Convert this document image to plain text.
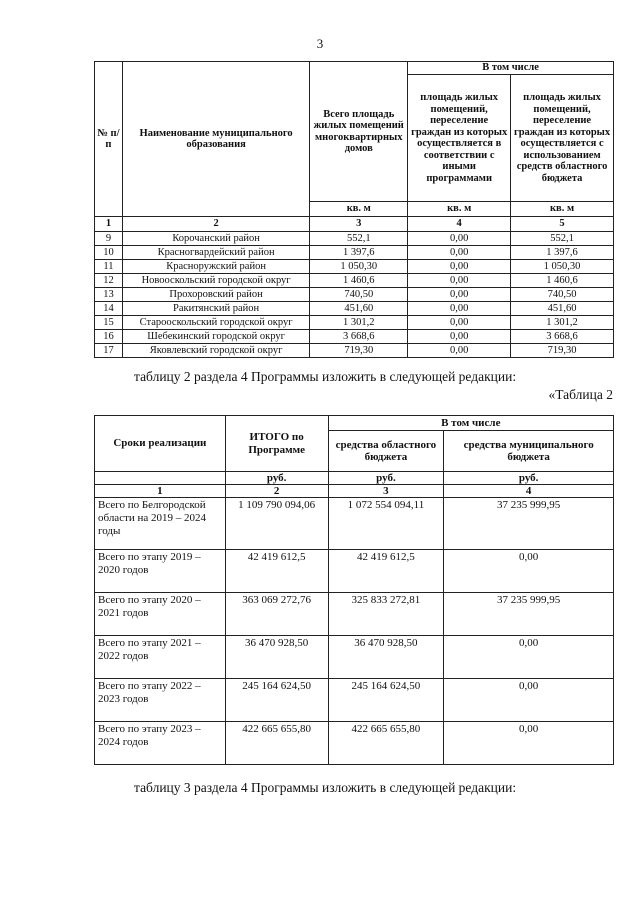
3
№ п/п	Наименование муниципального образования	Всего площадь жилых помещений многоквартирных домов	В том числе	
			площадь жилых помещений, переселение граждан из которых осуществляется в соответствии с иными программами	площадь жилых помещений, переселение граждан из которых осуществляется с использованием средств областного бюджета
		кв. м	кв. м	кв. м
1	2	3	4	5
9	Корочанский район	552,1	0,00	552,1
10	Красногвардейский район	1 397,6	0,00	1 397,6
11	Красноружский район	1 050,30	0,00	1 050,30
12	Новооскольский городской округ	1 460,6	0,00	1 460,6
13	Прохоровский район	740,50	0,00	740,50
14	Ракитянский район	451,60	0,00	451,60
15	Старооскольский городской округ	1 301,2	0,00	1 301,2
16	Шебекинский городской округ	3 668,6	0,00	3 668,6
17	Яковлевский городской округ	719,30	0,00	719,30
таблицу 2 раздела 4 Программы изложить в следующей редакции:
«Таблица 2
Сроки реализации	ИТОГО по Программе	В том числе	
		средства областного бюджета	средства муниципального бюджета
	руб.	руб.	руб.
1	2	3	4
Всего по Белгородской области на 2019 – 2024 годы	1 109 790 094,06	1 072 554 094,11	37 235 999,95
Всего по этапу 2019 – 2020 годов	42 419 612,5	42 419 612,5	0,00
Всего по этапу 2020 – 2021 годов	363 069 272,76	325 833 272,81	37 235 999,95
Всего по этапу 2021 – 2022 годов	36 470 928,50	36 470 928,50	0,00
Всего по этапу 2022 – 2023 годов	245 164 624,50	245 164 624,50	0,00
Всего по этапу 2023 – 2024 годов	422 665 655,80	422 665 655,80	0,00
таблицу 3 раздела 4 Программы изложить в следующей редакции:
